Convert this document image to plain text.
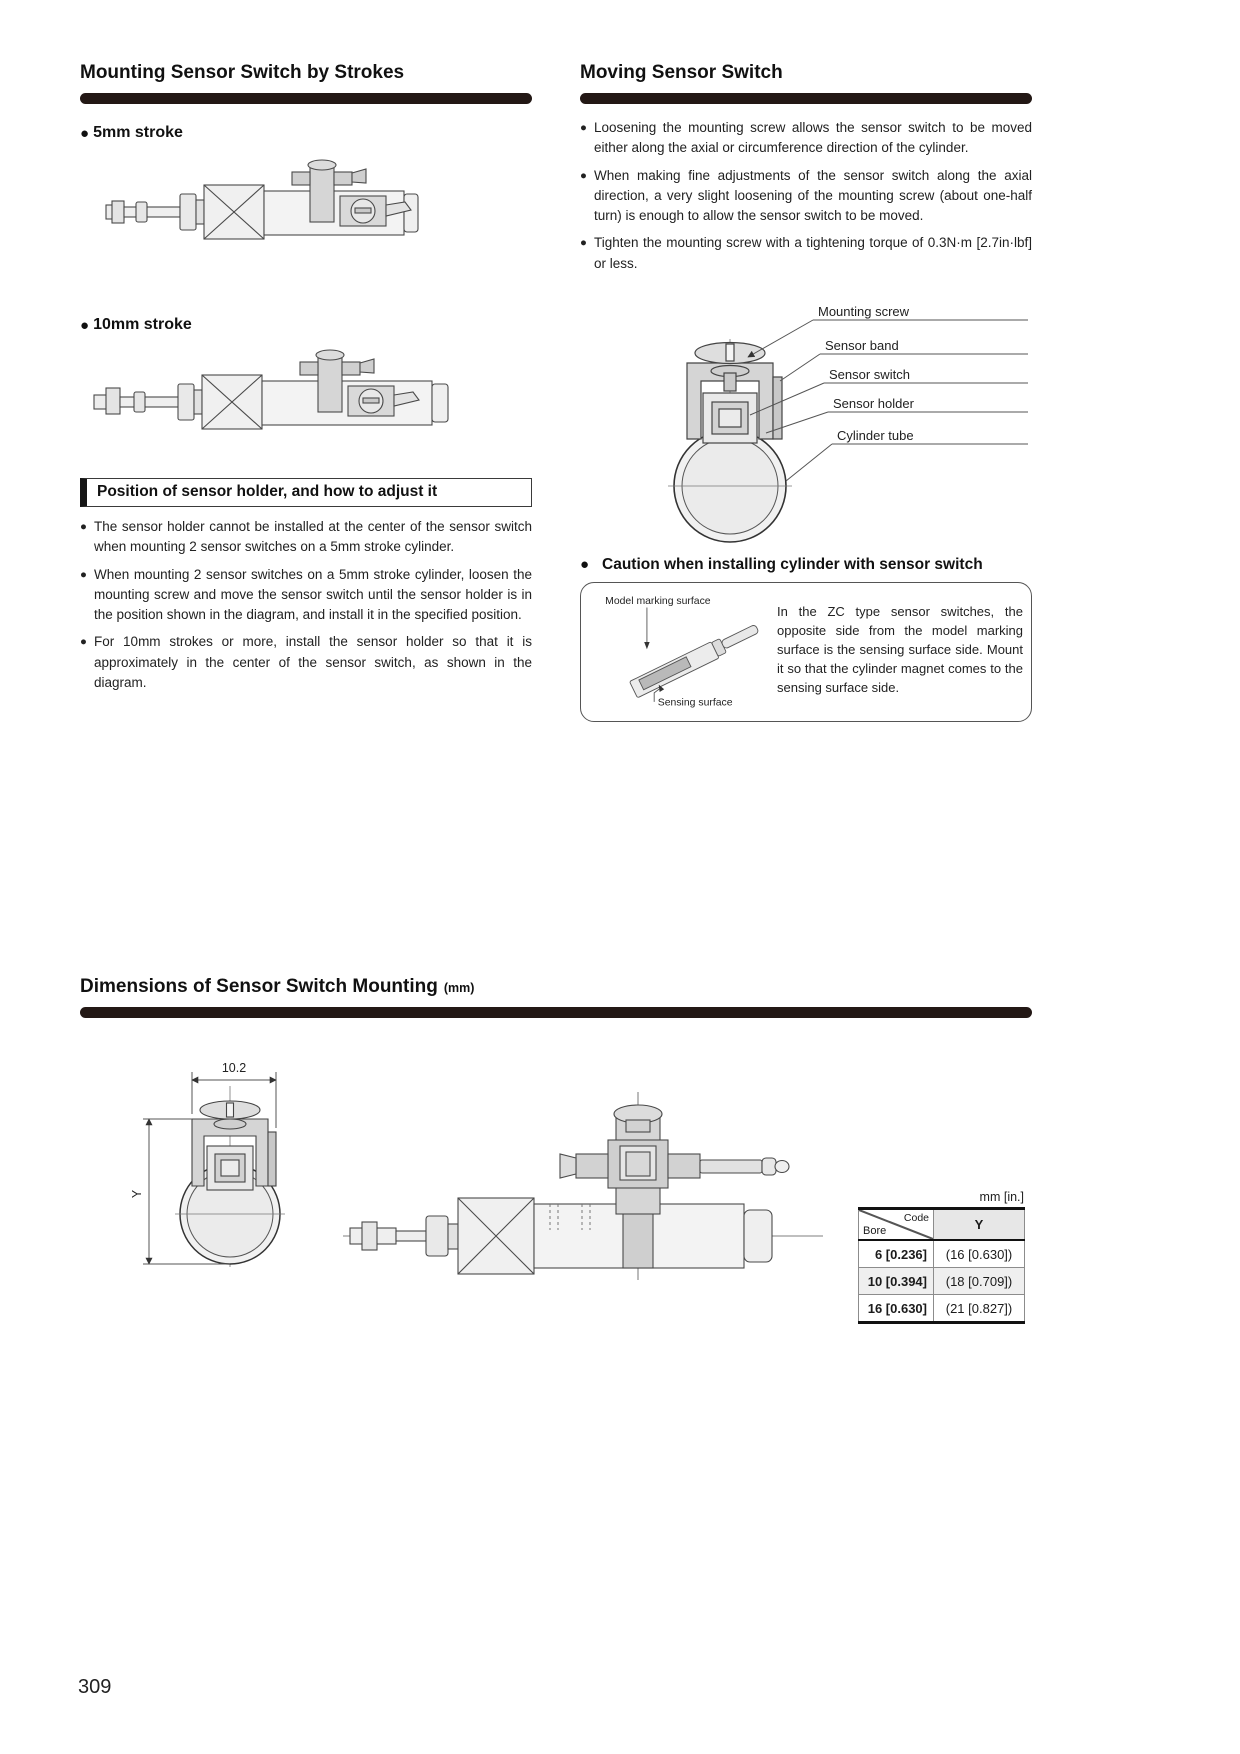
Mounting Sensor Switch by Strokes
● 5mm stroke
● 10mm stroke
Position of sensor holder, and how to adjust it

● The sensor holder cannot be installed at the center of the sensor switch when mounting 2 sensor switches on a 5mm stroke cylinder.

● When mounting 2 sensor switches on a 5mm stroke cylinder, loosen the mounting screw and move the sensor switch until the sensor holder is in the position shown in the diagram, and install it in the specified position.

● For 10mm strokes or more, install the sensor holder so that it is approximately in the center of the sensor switch, as shown in the diagram.

Moving Sensor Switch

● Loosening the mounting screw allows the sensor switch to be moved either along the axial or circumference direction of the cylinder.

● When making fine adjustments of the sensor switch along the axial direction, a very slight loosening of the mounting screw (about one-half turn) is enough to allow the sensor switch to be moved.

● Tighten the mounting screw with a tightening torque of 0.3N·m [2.7in·lbf] or less.

Mounting screw
Sensor band
Sensor switch
Sensor holder
Cylinder tube
● Caution when installing cylinder with sensor switch
Model marking surface
Sensing surface
In the ZC type sensor switches, the opposite side from the model marking surface is the sensing surface side. Mount it so that the cylinder magnet comes to the sensing surface side.
Dimensions of Sensor Switch Mounting (mm)
10.2
Y	mm [in.]
Code
Bore	Y
6 [0.236]	(16 [0.630])
10 [0.394]	(18 [0.709])
16 [0.630]	(21 [0.827])
309
